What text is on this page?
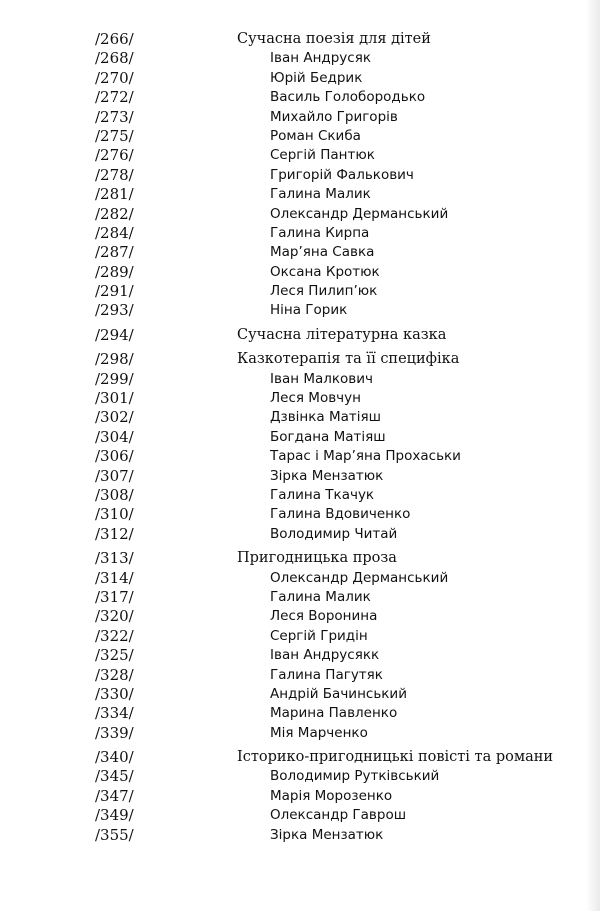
/266/	Сучасна поезія для дітей
/268/	Іван Андрусяк
/270/	Юрій Бедрик
/272/	Василь Голобородько
/273/	Михайло Григорів
/275/	Роман Скиба
/276/	Сергій Пантюк
/278/	Григорій Фалькович
/281/	Галина Малик
/282/	Олександр Дерманський
/284/	Галина Кирпа
/287/	Мар’яна Савка
/289/	Оксана Кротюк
/291/	Леся Пилип’юк
/293/	Ніна Горик
/294/	Сучасна літературна казка
/298/	Казкотерапія та її специфіка
/299/	Іван Малкович
/301/	Леся Мовчун
/302/	Дзвінка Матіяш
/304/	Богдана Матіяш
/306/	Тарас і Мар’яна Прохаськи
/307/	Зірка Мензатюк
/308/	Галина Ткачук
/310/	Галина Вдовиченко
/312/	Володимир Читай
/313/	Пригодницька проза
/314/	Олександр Дерманський
/317/	Галина Малик
/320/	Леся Воронина
/322/	Сергій Гридін
/325/	Іван Андрусякк
/328/	Галина Пагутяк
/330/	Андрій Бачинський
/334/	Марина Павленко
/339/	Мія Марченко
/340/	Історико-пригодницькі повісті та романи
/345/	Володимир Рутківський
/347/	Марія Морозенко
/349/	Олександр Гаврош
/355/	Зірка Мензатюк
